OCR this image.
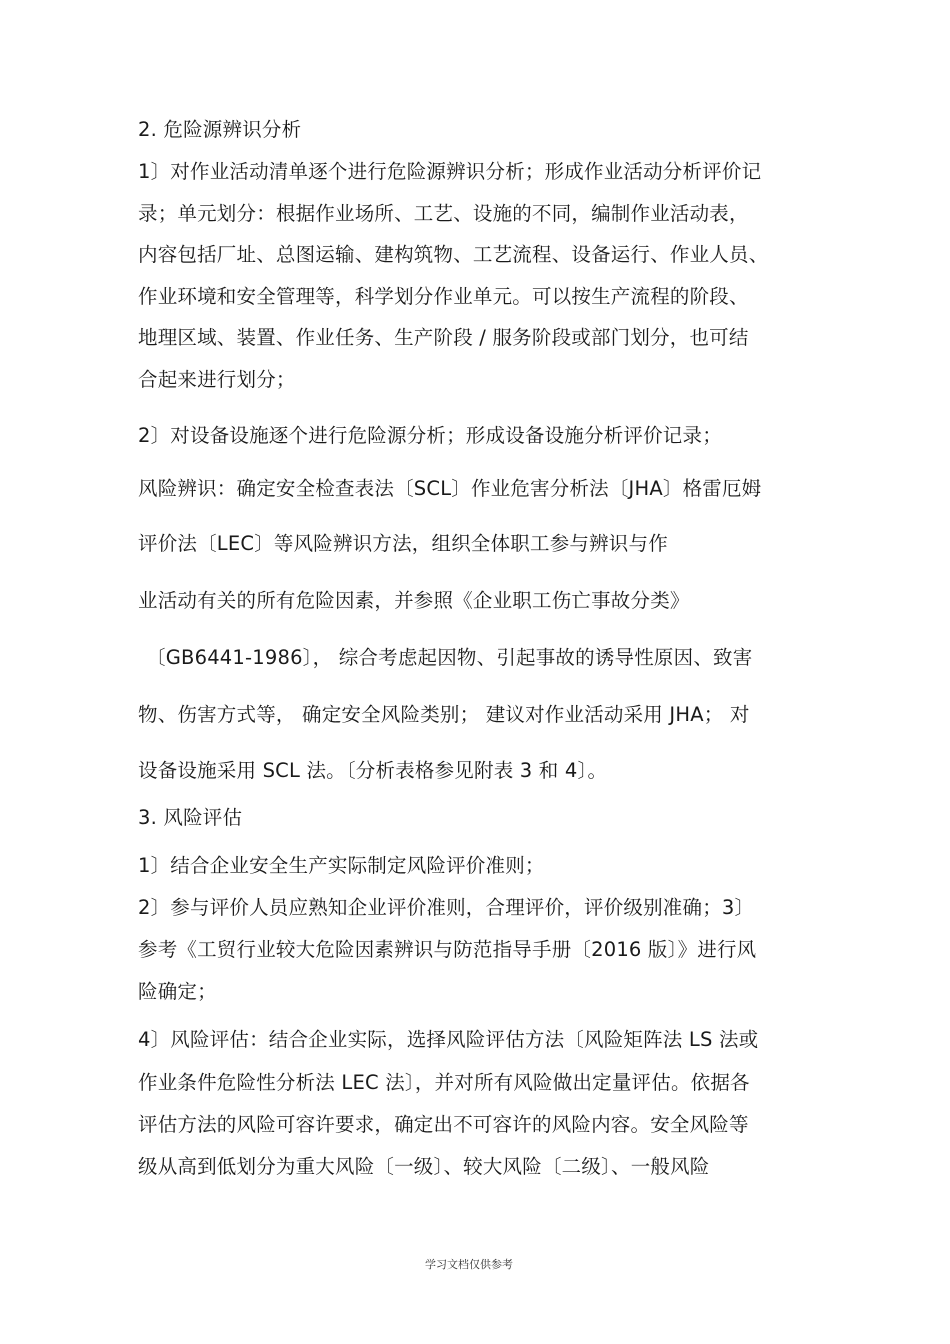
2. 危险源辨识分析
1〕对作业活动清单逐个进行危险源辨识分析；形成作业活动分析评价记
录；单元划分：根据作业场所、工艺、设施的不同，编制作业活动表，
内容包括厂址、总图运输、建构筑物、工艺流程、设备运行、作业人员、
作业环境和安全管理等，科学划分作业单元。可以按生产流程的阶段、
地理区域、装置、作业任务、生产阶段 / 服务阶段或部门划分，也可结
合起来进行划分；
2〕对设备设施逐个进行危险源分析；形成设备设施分析评价记录；
风险辨识：确定安全检查表法〔SCL〕作业危害分析法〔JHA〕格雷厄姆
评价法〔LEC〕等风险辨识方法，组织全体职工参与辨识与作
业活动有关的所有危险因素，并参照《企业职工伤亡事故分类》
〔GB6441-1986〕， 综合考虑起因物、引起事故的诱导性原因、致害
物、伤害方式等， 确定安全风险类别； 建议对作业活动采用 JHA； 对
设备设施采用 SCL 法。〔分析表格参见附表 3 和 4〕。
3. 风险评估
1〕结合企业安全生产实际制定风险评价准则；
2〕参与评价人员应熟知企业评价准则，合理评价，评价级别准确；3〕
参考《工贸行业较大危险因素辨识与防范指导手册〔2016 版〕》进行风
险确定；
4〕风险评估：结合企业实际，选择风险评估方法〔风险矩阵法 LS 法或
作业条件危险性分析法 LEC 法〕，并对所有风险做出定量评估。依据各
评估方法的风险可容许要求，确定出不可容许的风险内容。安全风险等
级从高到低划分为重大风险〔一级〕、较大风险〔二级〕、一般风险
学习文档仅供参考
